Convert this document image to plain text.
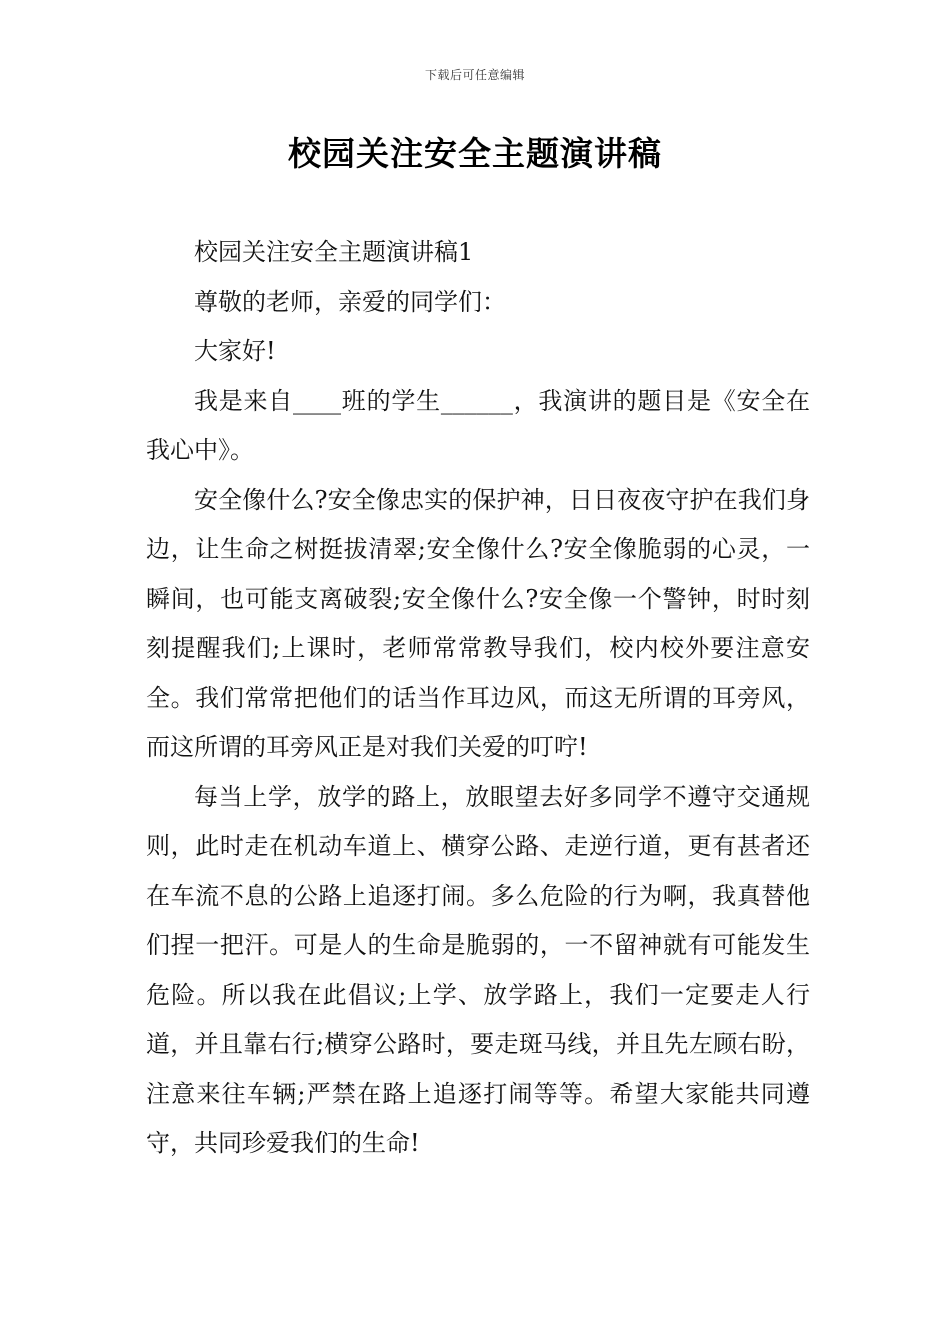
下载后可任意编辑
校园关注安全主题演讲稿

校园关注安全主题演讲稿1

尊敬的老师，亲爱的同学们：

大家好!

我是来自____班的学生______，我演讲的题目是《安全在我心中》。

安全像什么?安全像忠实的保护神，日日夜夜守护在我们身边，让生命之树挺拔清翠;安全像什么?安全像脆弱的心灵，一瞬间，也可能支离破裂;安全像什么?安全像一个警钟，时时刻刻提醒我们;上课时，老师常常教导我们，校内校外要注意安全。我们常常把他们的话当作耳边风，而这无所谓的耳旁风，而这所谓的耳旁风正是对我们关爱的叮咛!

每当上学，放学的路上，放眼望去好多同学不遵守交通规则，此时走在机动车道上、横穿公路、走逆行道，更有甚者还在车流不息的公路上追逐打闹。多么危险的行为啊，我真替他们捏一把汗。可是人的生命是脆弱的，一不留神就有可能发生危险。所以我在此倡议;上学、放学路上，我们一定要走人行道，并且靠右行;横穿公路时，要走斑马线，并且先左顾右盼，注意来往车辆;严禁在路上追逐打闹等等。希望大家能共同遵守，共同珍爱我们的生命!
